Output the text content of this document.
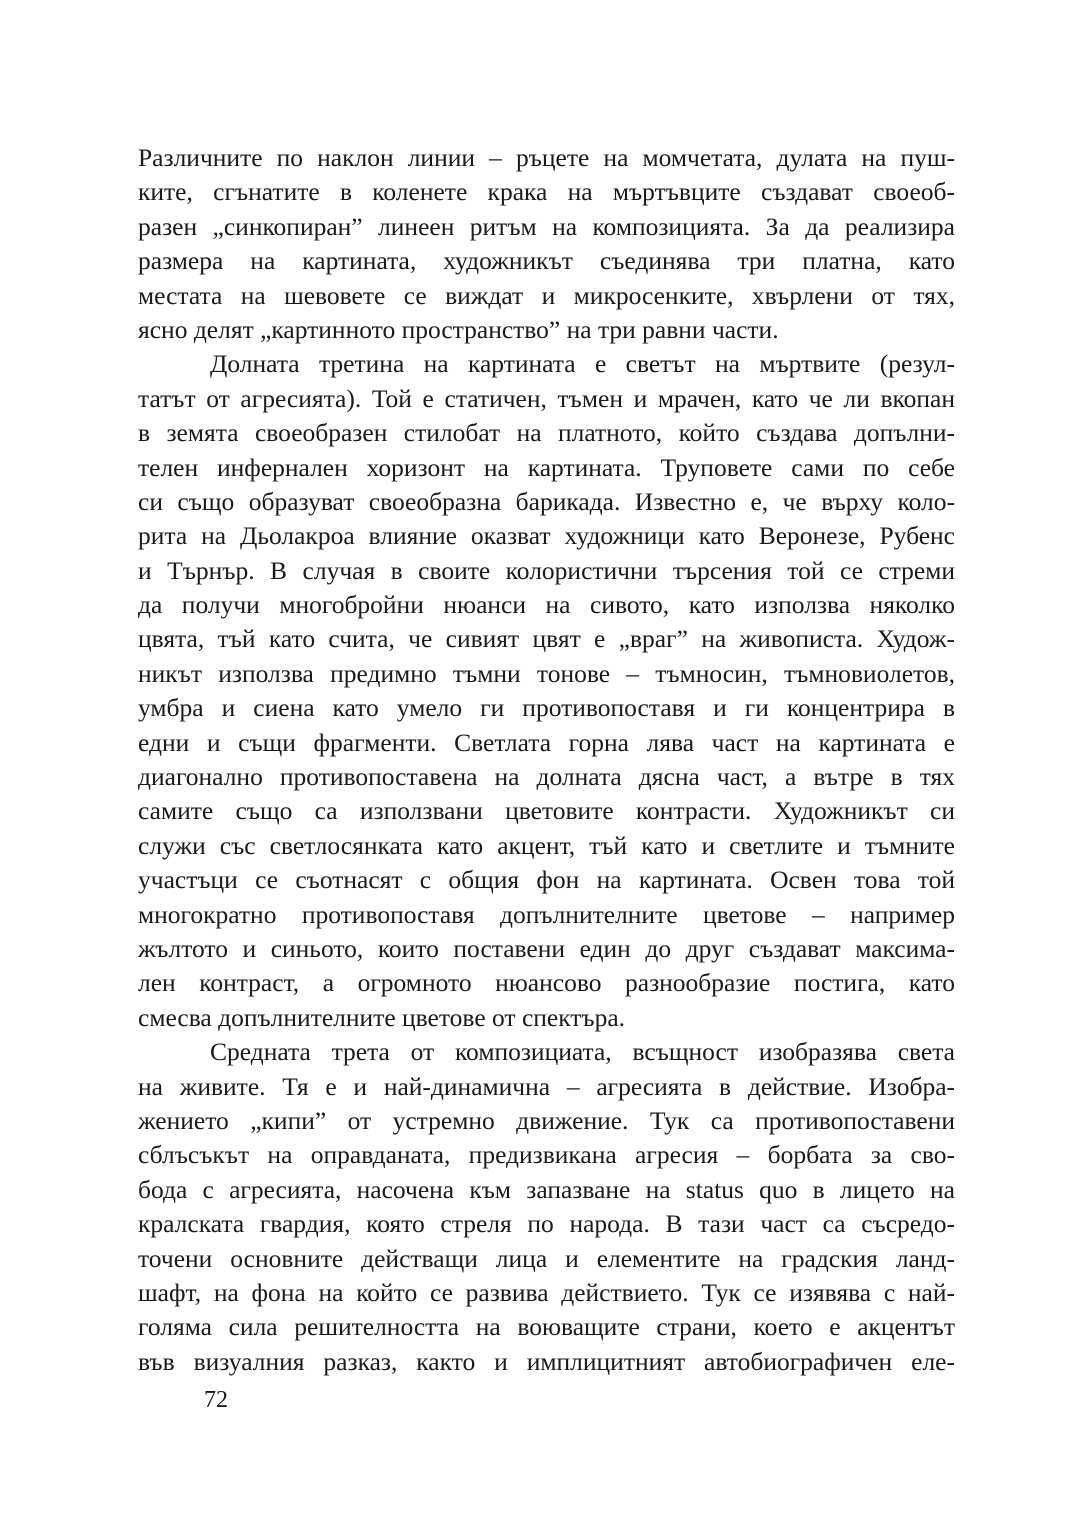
Различните по наклон линии – ръцете на момчетата, дулата на пуш-
ките, сгънатите в коленете крака на мъртъвците създават своеоб-
разен „синкопиран” линеен ритъм на композицията. За да реализира
размера на картината, художникът съединява три платна, като
местата на шевовете се виждат и микросенките, хвърлени от тях,
ясно делят „картинното пространство” на три равни части.
Долната третина на картината е светът на мъртвите (резул-
татът от агресията). Той е статичен, тъмен и мрачен, като че ли вкопан
в земята своеобразен стилобат на платното, който създава допълни-
телен инфернален хоризонт на картината. Труповете сами по себе
си също образуват своеобразна барикада. Известно е, че върху коло-
рита на Дьолакроа влияние оказват художници като Веронезе, Рубенс
и Търнър. В случая в своите колористични търсения той се стреми
да получи многобройни нюанси на сивото, като използва няколко
цвята, тъй като счита, че сивият цвят е „враг” на живописта. Худож-
никът използва предимно тъмни тонове – тъмносин, тъмновиолетов,
умбра и сиена като умело ги противопоставя и ги концентрира в
едни и същи фрагменти. Светлата горна лява част на картината е
диагонално противопоставена на долната дясна част, а вътре в тях
самите също са използвани цветовите контрасти. Художникът си
служи със светлосянката като акцент, тъй като и светлите и тъмните
участъци се съотнасят с общия фон на картината. Освен това той
многократно противопоставя допълнителните цветове – например
жълтото и синьото, които поставени един до друг създават максима-
лен контраст, а огромното нюансово разнообразие постига, като
смесва допълнителните цветове от спектъра.
Средната трета от композициата, всъщност изобразява света
на живите. Тя е и най-динамична – агресията в действие. Изобра-
жението „кипи” от устремно движение. Тук са противопоставени
сблъсъкът на оправданата, предизвикана агресия – борбата за сво-
бода с агресията, насочена към запазване на status quo в лицето на
кралската гвардия, която стреля по народа. В тази част са съсредо-
точени основните действащи лица и елементите на градския ланд-
шафт, на фона на който се развива действието. Тук се изявява с най-
голяма сила решителността на воюващите страни, което е акцентът
във визуалния разказ, както и имплицитният автобиографичен еле-
72
